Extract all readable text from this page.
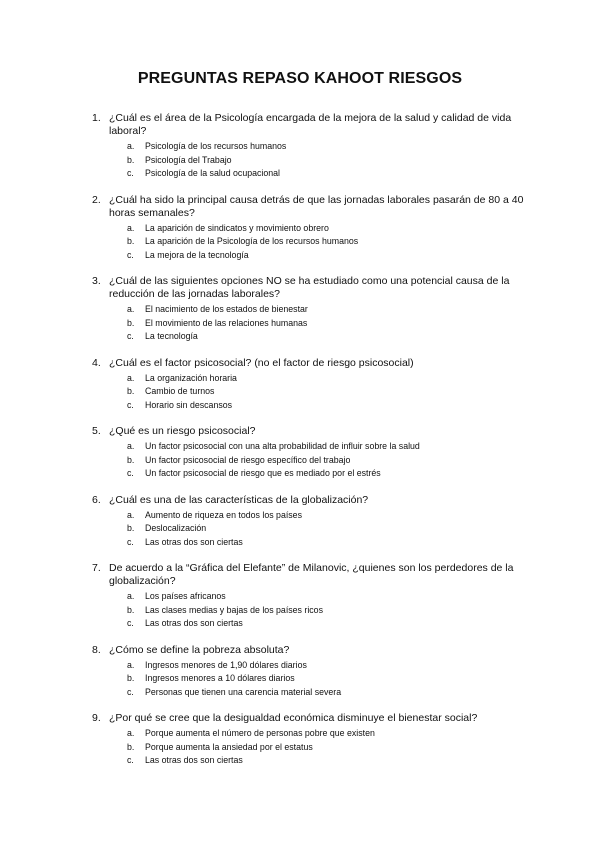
PREGUNTAS REPASO KAHOOT RIESGOS
1. ¿Cuál es el área de la Psicología encargada de la mejora de la salud y calidad de vida laboral?
a. Psicología de los recursos humanos
b. Psicología del Trabajo
c. Psicología de la salud ocupacional
2. ¿Cuál ha sido la principal causa detrás de que las jornadas laborales pasarán de 80 a 40 horas semanales?
a. La aparición de sindicatos y movimiento obrero
b. La aparición de la Psicología de los recursos humanos
c. La mejora de la tecnología
3. ¿Cuál de las siguientes opciones NO se ha estudiado como una potencial causa de la reducción de las jornadas laborales?
a. El nacimiento de los estados de bienestar
b. El movimiento de las relaciones humanas
c. La tecnología
4. ¿Cuál es el factor psicosocial? (no el factor de riesgo psicosocial)
a. La organización horaria
b. Cambio de turnos
c. Horario sin descansos
5. ¿Qué es un riesgo psicosocial?
a. Un factor psicosocial con una alta probabilidad de influir sobre la salud
b. Un factor psicosocial de riesgo específico del trabajo
c. Un factor psicosocial de riesgo que es mediado por el estrés
6. ¿Cuál es una de las características de la globalización?
a. Aumento de riqueza en todos los países
b. Deslocalización
c. Las otras dos son ciertas
7. De acuerdo a la “Gráfica del Elefante” de Milanovic, ¿quienes son los perdedores de la globalización?
a. Los países africanos
b. Las clases medias y bajas de los países ricos
c. Las otras dos son ciertas
8. ¿Cómo se define la pobreza absoluta?
a. Ingresos menores de 1,90 dólares diarios
b. Ingresos menores a 10 dólares diarios
c. Personas que tienen una carencia material severa
9. ¿Por qué se cree que la desigualdad económica disminuye el bienestar social?
a. Porque aumenta el número de personas pobre que existen
b. Porque aumenta la ansiedad por el estatus
c. Las otras dos son ciertas
